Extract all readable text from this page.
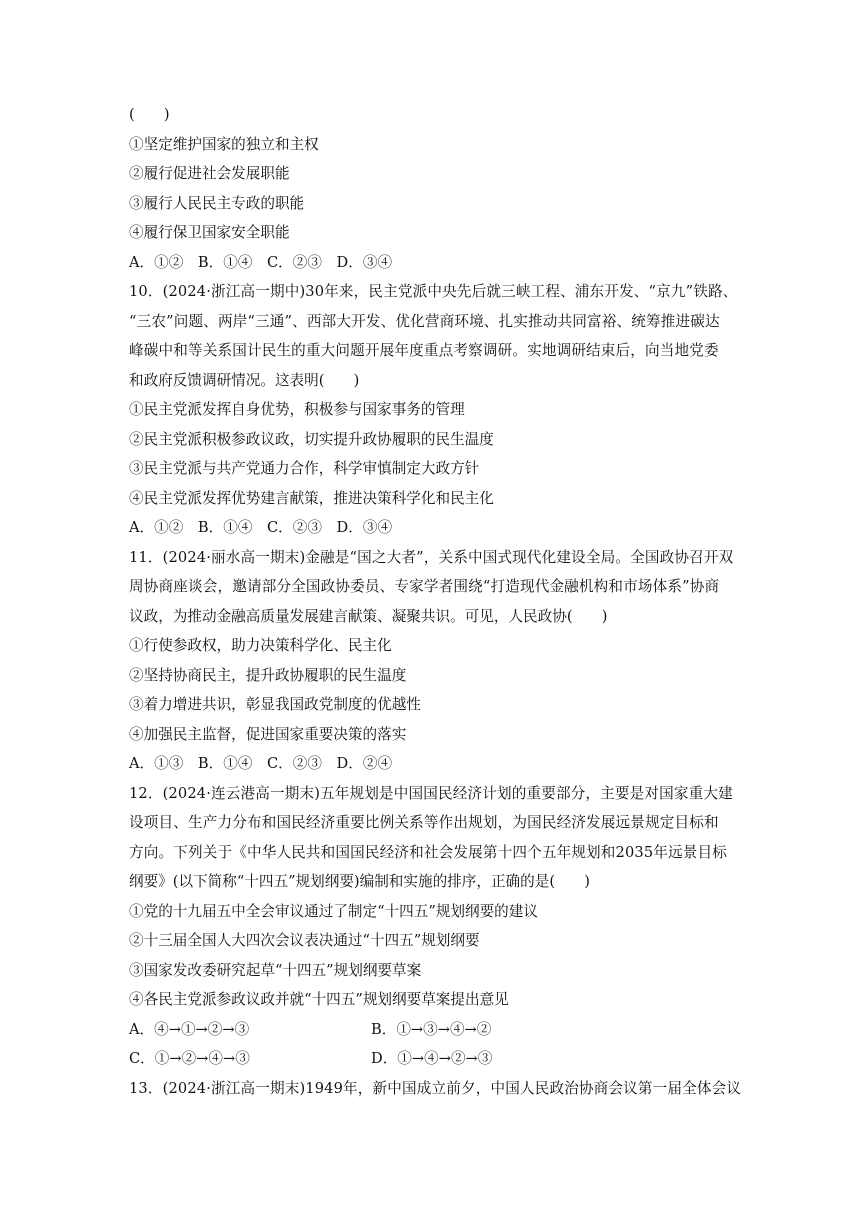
(　　)
①坚定维护国家的独立和主权
②履行促进社会发展职能
③履行人民民主专政的职能
④履行保卫国家安全职能
A．①②　B．①④　C．②③　D．③④
10．(2024·浙江高一期中)30年来，民主党派中央先后就三峡工程、浦东开发、“京九”铁路、
“三农”问题、两岸“三通”、西部大开发、优化营商环境、扎实推动共同富裕、统筹推进碳达
峰碳中和等关系国计民生的重大问题开展年度重点考察调研。实地调研结束后，向当地党委
和政府反馈调研情况。这表明(　　)
①民主党派发挥自身优势，积极参与国家事务的管理
②民主党派积极参政议政，切实提升政协履职的民生温度
③民主党派与共产党通力合作，科学审慎制定大政方针
④民主党派发挥优势建言献策，推进决策科学化和民主化
A．①②　B．①④　C．②③　D．③④
11．(2024·丽水高一期末)金融是“国之大者”，关系中国式现代化建设全局。全国政协召开双
周协商座谈会，邀请部分全国政协委员、专家学者围绕“打造现代金融机构和市场体系”协商
议政，为推动金融高质量发展建言献策、凝聚共识。可见，人民政协(　　)
①行使参政权，助力决策科学化、民主化
②坚持协商民主，提升政协履职的民生温度
③着力增进共识，彰显我国政党制度的优越性
④加强民主监督，促进国家重要决策的落实
A．①③　B．①④　C．②③　D．②④
12．(2024·连云港高一期末)五年规划是中国国民经济计划的重要部分，主要是对国家重大建
设项目、生产力分布和国民经济重要比例关系等作出规划，为国民经济发展远景规定目标和
方向。下列关于《中华人民共和国国民经济和社会发展第十四个五年规划和2035年远景目标
纲要》(以下简称“十四五”规划纲要)编制和实施的排序，正确的是(　　)
①党的十九届五中全会审议通过了制定“十四五”规划纲要的建议
②十三届全国人大四次会议表决通过“十四五”规划纲要
③国家发改委研究起草“十四五”规划纲要草案
④各民主党派参政议政并就“十四五”规划纲要草案提出意见
A．④→①→②→③	B．①→③→④→②
C．①→②→④→③	D．①→④→②→③
13．(2024·浙江高一期末)1949年，新中国成立前夕，中国人民政治协商会议第一届全体会议
